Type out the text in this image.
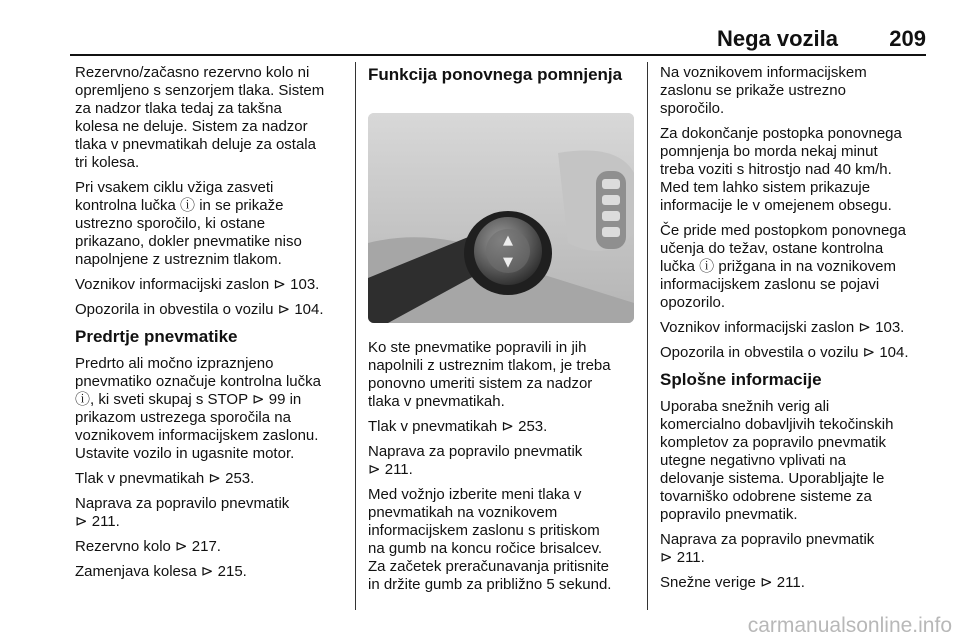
Nega vozila 209

Rezervno/začasno rezervno kolo ni
opremljeno s senzorjem tlaka. Sistem
za nadzor tlaka tedaj za takšna
kolesa ne deluje. Sistem za nadzor
tlaka v pnevmatikah deluje za ostala
tri kolesa.

Pri vsakem ciklu vžiga zasveti
kontrolna lučka ⓘ in se prikaže
ustrezno sporočilo, ki ostane
prikazano, dokler pnevmatike niso
napolnjene z ustreznim tlakom.

Voznikov informacijski zaslon ⊳ 103.

Opozorila in obvestila o vozilu ⊳ 104.

Predrtje pnevmatike

Predrto ali močno izpraznjeno
pnevmatiko označuje kontrolna lučka
ⓘ, ki sveti skupaj s STOP ⊳ 99 in
prikazom ustrezega sporočila na
voznikovem informacijskem zaslonu.
Ustavite vozilo in ugasnite motor.

Tlak v pnevmatikah ⊳ 253.

Naprava za popravilo pnevmatik
⊳ 211.

Rezervno kolo ⊳ 217.

Zamenjava kolesa ⊳ 215.

Funkcija ponovnega pomnjenja
▲
▼

Ko ste pnevmatike popravili in jih
napolnili z ustreznim tlakom, je treba
ponovno umeriti sistem za nadzor
tlaka v pnevmatikah.

Tlak v pnevmatikah ⊳ 253.

Naprava za popravilo pnevmatik
⊳ 211.

Med vožnjo izberite meni tlaka v
pnevmatikah na voznikovem
informacijskem zaslonu s pritiskom
na gumb na koncu ročice brisalcev.
Za začetek preračunavanja pritisnite
in držite gumb za približno 5 sekund.

Na voznikovem informacijskem
zaslonu se prikaže ustrezno
sporočilo.

Za dokončanje postopka ponovnega
pomnjenja bo morda nekaj minut
treba voziti s hitrostjo nad 40 km/h.
Med tem lahko sistem prikazuje
informacije le v omejenem obsegu.

Če pride med postopkom ponovnega
učenja do težav, ostane kontrolna
lučka ⓘ prižgana in na voznikovem
informacijskem zaslonu se pojavi
opozorilo.

Voznikov informacijski zaslon ⊳ 103.

Opozorila in obvestila o vozilu ⊳ 104.

Splošne informacije

Uporaba snežnih verig ali
komercialno dobavljivih tekočinskih
kompletov za popravilo pnevmatik
utegne negativno vplivati na
delovanje sistema. Uporabljajte le
tovarniško odobrene sisteme za
popravilo pnevmatik.

Naprava za popravilo pnevmatik
⊳ 211.

Snežne verige ⊳ 211.

carmanualsonline.info
